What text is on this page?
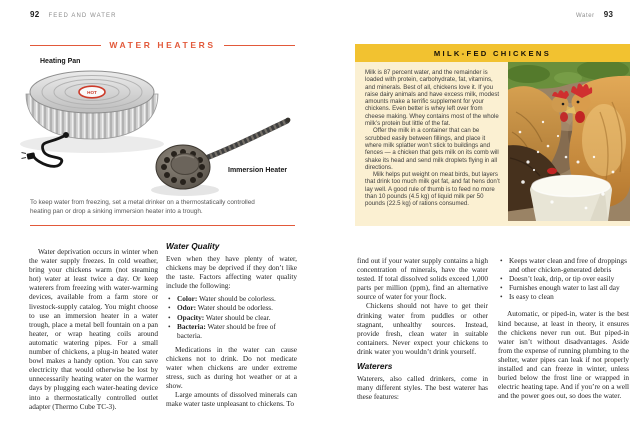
92 FEED AND WATER
WATER HEATERS
Heating Pan
HOT
Immersion Heater
To keep water from freezing, set a metal drinker on a thermostatically controlled heating pan or drop a sinking immersion heater into a trough.

Water deprivation occurs in winter when the water supply freezes. In cold weather, bring your chickens warm (not steaming hot) water at least twice a day. Or keep waterers from freezing with water-warming devices, available from a farm store or livestock-supply catalog. You might choose to use an immersion heater in a water trough, place a metal bell fountain on a pan heater, or wrap heating coils around automatic watering pipes. For a small number of chickens, a plug-in heated water bowl makes a handy option. You can save electricity that would otherwise be lost by unnecessarily heating water on the warmer days by plugging each water-heating device into a thermostatically controlled outlet adapter (Thermo Cube TC-3).

Water Quality

Even when they have plenty of water, chickens may be deprived if they don’t like the taste. Factors affecting water quality include the following:

• Color: Water should be colorless.
• Odor: Water should be odorless.
• Opacity: Water should be clear.
• Bacteria: Water should be free of bacteria.

Medications in the water can cause chickens not to drink. Do not medicate water when chickens are under extreme stress, such as during hot weather or at a show.

Large amounts of dissolved minerals can make water taste unpleasant to chickens. To

Water 93
MILK-FED CHICKENS

Milk is 87 percent water, and the remainder is loaded with protein, carbohydrate, fat, vitamins, and minerals. Best of all, chickens love it. If you raise dairy animals and have excess milk, modest amounts make a terrific supplement for your chickens. Even better is whey left over from cheese making. Whey contains most of the whole milk’s protein but little of the fat.

Offer the milk in a container that can be scrubbed easily between fillings, and place it where milk splatter won’t stick to buildings and fences — a chicken that gets milk on its comb will shake its head and send milk droplets flying in all directions.

Milk helps put weight on meat birds, but layers that drink too much milk get fat, and fat hens don’t lay well. A good rule of thumb is to feed no more than 10 pounds (4.5 kg) of liquid milk per 50 pounds (22.5 kg) of rations consumed.

find out if your water supply contains a high concentration of minerals, have the water tested. If total dissolved solids exceed 1,000 parts per million (ppm), find an alternative source of water for your flock.

Chickens should not have to get their drinking water from puddles or other stagnant, unhealthy sources. Instead, provide fresh, clean water in suitable containers. Never expect your chickens to drink water you wouldn’t drink yourself.

Waterers

Waterers, also called drinkers, come in many different styles. The best waterer has these features:

• Keeps water clean and free of droppings and other chicken-generated debris
• Doesn’t leak, drip, or tip over easily
• Furnishes enough water to last all day
• Is easy to clean

Automatic, or piped-in, water is the best kind because, at least in theory, it ensures the chickens never run out. But piped-in water isn’t without disadvantages. Aside from the expense of running plumbing to the shelter, water pipes can leak if not properly installed and can freeze in winter, unless buried below the frost line or wrapped in electric heating tape. And if you’re on a well and the power goes out, so does the water.
